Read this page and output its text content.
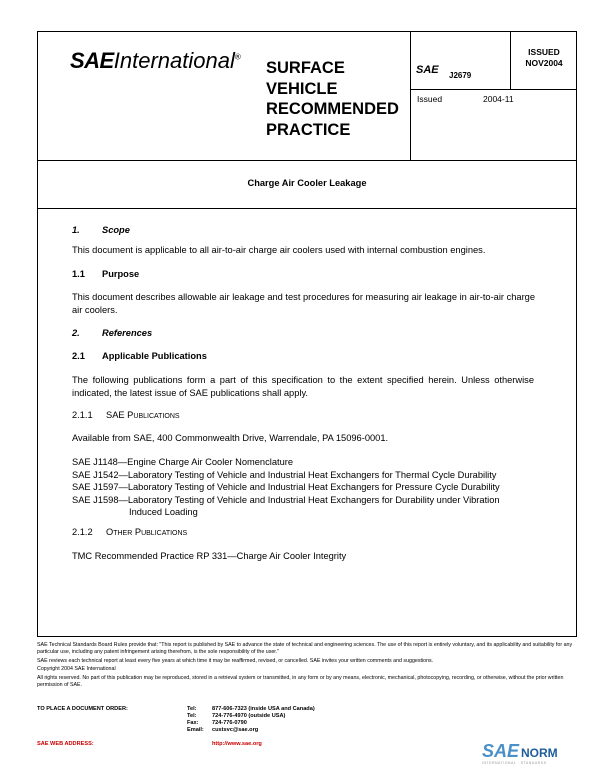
SAEInternational®
SURFACE
VEHICLE
RECOMMENDED
PRACTICE
SAE J2679
ISSUED
NOV2004
Issued	2004-11
Charge Air Cooler Leakage
1. Scope
This document is applicable to all air-to-air charge air coolers used with internal combustion engines.
1.1 Purpose
This document describes allowable air leakage and test procedures for measuring air leakage in air-to-air charge air coolers.
2. References
2.1 Applicable Publications
The following publications form a part of this specification to the extent specified herein. Unless otherwise indicated, the latest issue of SAE publications shall apply.
2.1.1 SAE Publications
Available from SAE, 400 Commonwealth Drive, Warrendale, PA 15096-0001.
SAE J1148—Engine Charge Air Cooler Nomenclature
SAE J1542—Laboratory Testing of Vehicle and Industrial Heat Exchangers for Thermal Cycle Durability
SAE J1597—Laboratory Testing of Vehicle and Industrial Heat Exchangers for Pressure Cycle Durability
SAE J1598—Laboratory Testing of Vehicle and Industrial Heat Exchangers for Durability under Vibration
Induced Loading
2.1.2 Other Publications
TMC Recommended Practice RP 331—Charge Air Cooler Integrity

SAE Technical Standards Board Rules provide that: "This report is published by SAE to advance the state of technical and engineering sciences. The use of this report is entirely voluntary, and its applicability and suitability for any particular use, including any patent infringement arising therefrom, is the sole responsibility of the user."

SAE reviews each technical report at least every five years at which time it may be reaffirmed, revised, or cancelled. SAE invites your written comments and suggestions.

Copyright 2004 SAE International

All rights reserved. No part of this publication may be reproduced, stored in a retrieval system or transmitted, in any form or by any means, electronic, mechanical, photocopying, recording, or otherwise, without the prior written permission of SAE.

TO PLACE A DOCUMENT ORDER:	Tel:	877-606-7323 (inside USA and Canada)
Tel:	724-776-4970 (outside USA)
Fax: 724-776-0790
Email: custsvc@sae.org
SAE WEB ADDRESS:	http://www.sae.org	SAE NORM
INTERNATIONAL · STANDARDS
